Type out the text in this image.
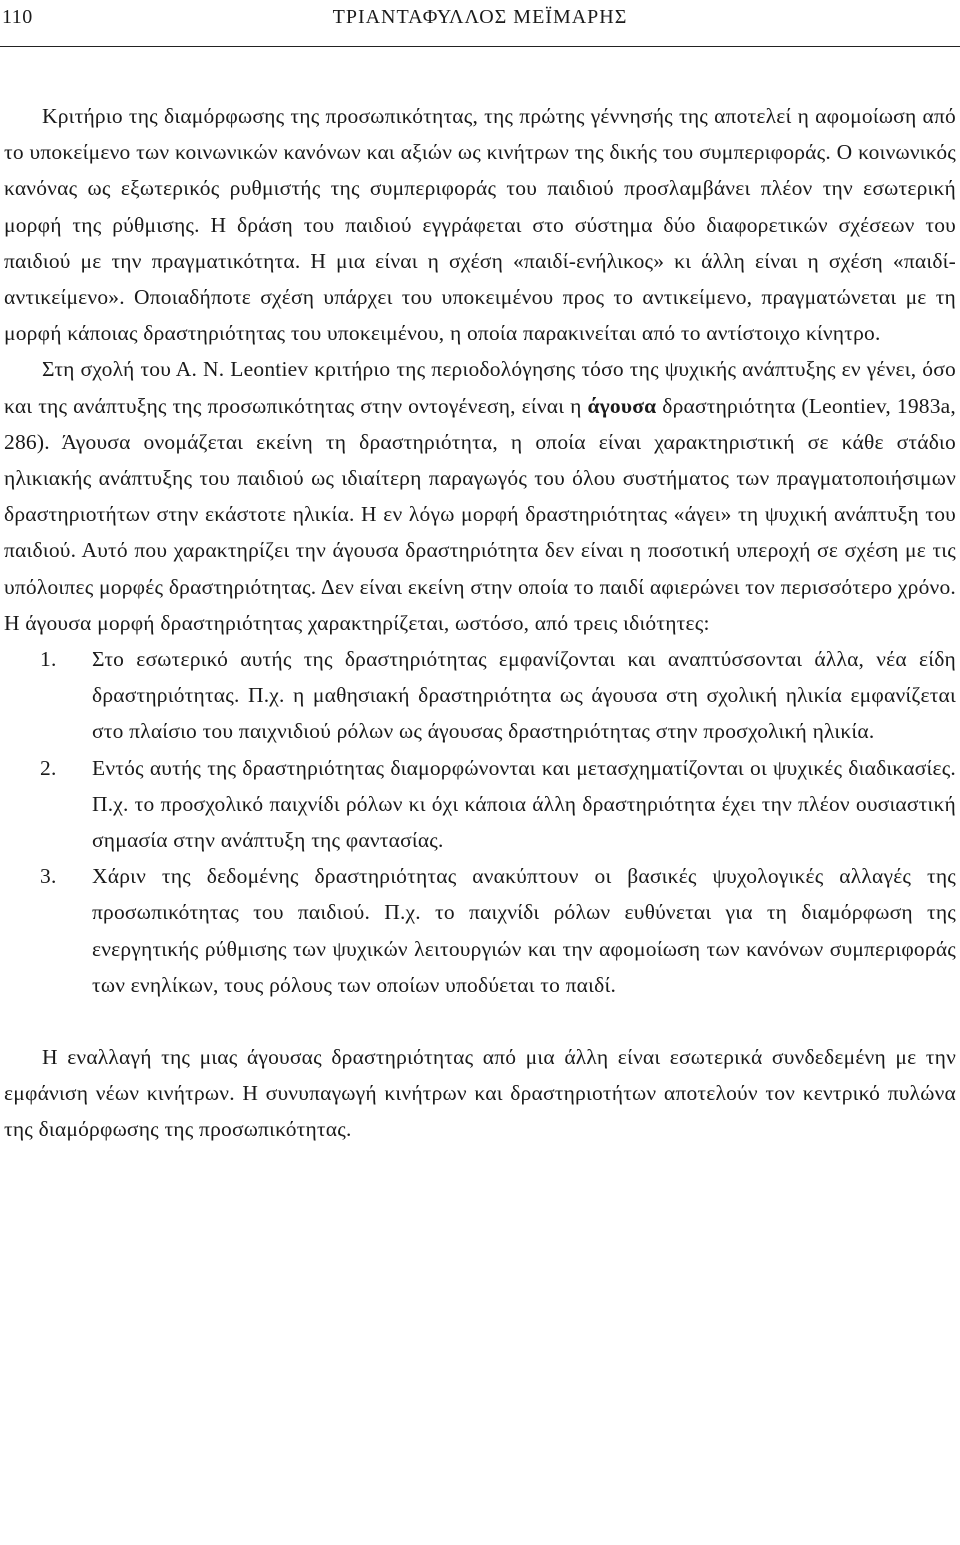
110	ΤΡΙΑΝΤΑΦΥΛΛΟΣ ΜΕΪΜΑΡΗΣ

Κριτήριο της διαμόρφωσης της προσωπικότητας, της πρώτης γέννησής της αποτελεί η αφομοίωση από το υποκείμενο των κοινωνικών κανόνων και αξιών ως κινήτρων της δικής του συμπεριφοράς. Ο κοινωνικός κανόνας ως εξωτερικός ρυθμιστής της συμπεριφοράς του παιδιού προσλαμβάνει πλέον την εσωτερική μορφή της ρύθμισης. Η δράση του παιδιού εγγράφεται στο σύστημα δύο διαφορετικών σχέσεων του παιδιού με την πραγματικότητα. Η μια είναι η σχέση «παιδί-ενήλικος» κι άλλη είναι η σχέση «παιδί-αντικείμενο». Οποιαδήποτε σχέση υπάρχει του υποκειμένου προς το αντικείμενο, πραγματώνεται με τη μορφή κάποιας δραστηριότητας του υποκειμένου, η οποία παρακινείται από το αντίστοιχο κίνητρο.

Στη σχολή του Α. Ν. Leontiev κριτήριο της περιοδολόγησης τόσο της ψυχικής ανάπτυξης εν γένει, όσο και της ανάπτυξης της προσωπικότητας στην οντογένεση, είναι η άγουσα δραστηριότητα (Leontiev, 1983a, 286). Άγουσα ονομάζεται εκείνη τη δραστηριότητα, η οποία είναι χαρακτηριστική σε κάθε στάδιο ηλικιακής ανάπτυξης του παιδιού ως ιδιαίτερη παραγωγός του όλου συστήματος των πραγματοποιήσιμων δραστηριοτήτων στην εκάστοτε ηλικία. Η εν λόγω μορφή δραστηριότητας «άγει» τη ψυχική ανάπτυξη του παιδιού. Αυτό που χαρακτηρίζει την άγουσα δραστηριότητα δεν είναι η ποσοτική υπεροχή σε σχέση με τις υπόλοιπες μορφές δραστηριότητας. Δεν είναι εκείνη στην οποία το παιδί αφιερώνει τον περισσότερο χρόνο. Η άγουσα μορφή δραστηριότητας χαρακτηρίζεται, ωστόσο, από τρεις ιδιότητες:

1. Στο εσωτερικό αυτής της δραστηριότητας εμφανίζονται και αναπτύσσονται άλλα, νέα είδη δραστηριότητας. Π.χ. η μαθησιακή δραστηριότητα ως άγουσα στη σχολική ηλικία εμφανίζεται στο πλαίσιο του παιχνιδιού ρόλων ως άγουσας δραστηριότητας στην προσχολική ηλικία.
2. Εντός αυτής της δραστηριότητας διαμορφώνονται και μετασχηματίζονται οι ψυχικές διαδικασίες. Π.χ. το προσχολικό παιχνίδι ρόλων κι όχι κάποια άλλη δραστηριότητα έχει την πλέον ουσιαστική σημασία στην ανάπτυξη της φαντασίας.
3. Χάριν της δεδομένης δραστηριότητας ανακύπτουν οι βασικές ψυχολογικές αλλαγές της προσωπικότητας του παιδιού. Π.χ. το παιχνίδι ρόλων ευθύνεται για τη διαμόρφωση της ενεργητικής ρύθμισης των ψυχικών λειτουργιών και την αφομοίωση των κανόνων συμπεριφοράς των ενηλίκων, τους ρόλους των οποίων υποδύεται το παιδί.

Η εναλλαγή της μιας άγουσας δραστηριότητας από μια άλλη είναι εσωτερικά συνδεδεμένη με την εμφάνιση νέων κινήτρων. Η συνυπαγωγή κινήτρων και δραστηριοτήτων αποτελούν τον κεντρικό πυλώνα της διαμόρφωσης της προσωπικότητας.
